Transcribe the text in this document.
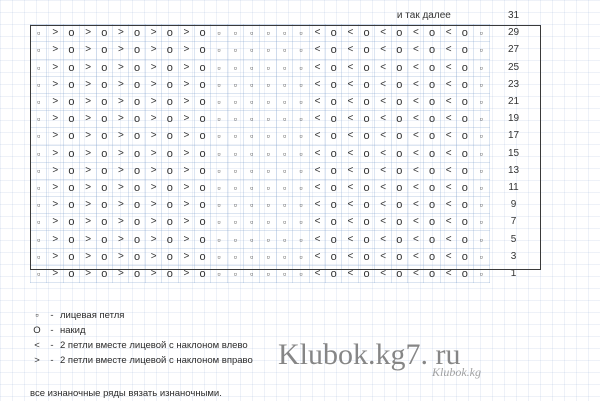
																					и так далее								31

▫	>	o	>	o	>	o	>	o	>	o	▫	▫	▫	▫	▫	▫	<	o	<	o	<	o	<	o	<	o	▫		29

▫	>	o	>	o	>	o	>	o	>	o	▫	▫	▫	▫	▫	▫	<	o	<	o	<	o	<	o	<	o	▫		27

▫	>	o	>	o	>	o	>	o	>	o	▫	▫	▫	▫	▫	▫	<	o	<	o	<	o	<	o	<	o	▫		25

▫	>	o	>	o	>	o	>	o	>	o	▫	▫	▫	▫	▫	▫	<	o	<	o	<	o	<	o	<	o	▫		23

▫	>	o	>	o	>	o	>	o	>	o	▫	▫	▫	▫	▫	▫	<	o	<	o	<	o	<	o	<	o	▫		21

▫	>	o	>	o	>	o	>	o	>	o	▫	▫	▫	▫	▫	▫	<	o	<	o	<	o	<	o	<	o	▫		19

▫	>	o	>	o	>	o	>	o	>	o	▫	▫	▫	▫	▫	▫	<	o	<	o	<	o	<	o	<	o	▫		17

▫	>	o	>	o	>	o	>	o	>	o	▫	▫	▫	▫	▫	▫	<	o	<	o	<	o	<	o	<	o	▫		15

▫	>	o	>	o	>	o	>	o	>	o	▫	▫	▫	▫	▫	▫	<	o	<	o	<	o	<	o	<	o	▫		13

▫	>	o	>	o	>	o	>	o	>	o	▫	▫	▫	▫	▫	▫	<	o	<	o	<	o	<	o	<	o	▫		11

▫	>	o	>	o	>	o	>	o	>	o	▫	▫	▫	▫	▫	▫	<	o	<	o	<	o	<	o	<	o	▫		9

▫	>	o	>	o	>	o	>	o	>	o	▫	▫	▫	▫	▫	▫	<	o	<	o	<	o	<	o	<	o	▫		7

▫	>	o	>	o	>	o	>	o	>	o	▫	▫	▫	▫	▫	▫	<	o	<	o	<	o	<	o	<	o	▫		5

▫	>	o	>	o	>	o	>	o	>	o	▫	▫	▫	▫	▫	▫	<	o	<	o	<	o	<	o	<	o	▫		3

▫	>	o	>	o	>	o	>	o	>	o	▫	▫	▫	▫	▫	▫	<	o	<	o	<	o	<	o	<	o	▫		1
▫	- лицевая петля
O	- накид
<	- 2 петли вместе лицевой с наклоном влево
>	- 2 петли вместе лицевой с наклоном вправо
все изнаночные ряды вязать изнаночными.
Klubok.kg7. ru
Klubok.kg
